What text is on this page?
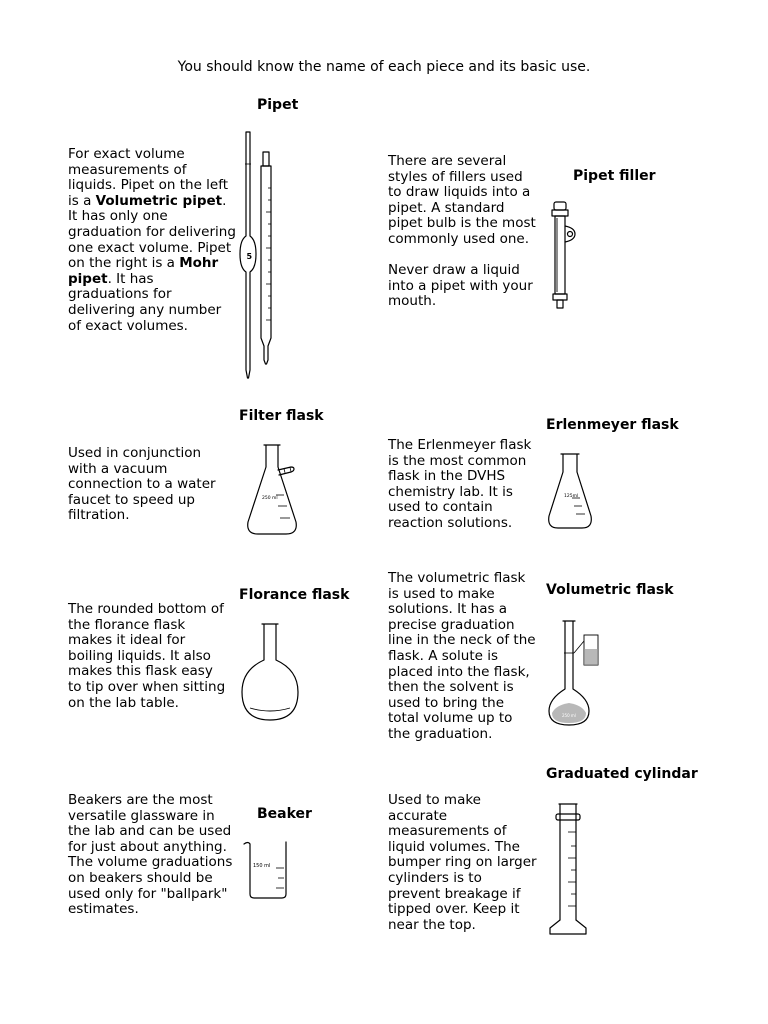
You should know the name of each piece and its basic use.
Pipet
For exact volume measurements of liquids. Pipet on the left is a Volumetric pipet. It has only one graduation for delivering one exact volume. Pipet on the right is a Mohr pipet. It has graduations for delivering any number of exact volumes.
5
Pipet filler

There are several styles of fillers used to draw liquids into a pipet. A standard pipet bulb is the most commonly used one.

Never draw a liquid into a pipet with your mouth.

Filter flask
Used in conjunction with a vacuum connection to a water faucet to speed up filtration.
250 ml
Erlenmeyer flask
The Erlenmeyer flask is the most common flask in the DVHS chemistry lab. It is used to contain reaction solutions.
125ml
Florance flask
The rounded bottom of the florance flask makes it ideal for boiling liquids. It also makes this flask easy to tip over when sitting on the lab table.
Volumetric flask
The volumetric flask is used to make solutions. It has a precise graduation line in the neck of the flask. A solute is placed into the flask, then the solvent is used to bring the total volume up to the graduation.
250 ml
Graduated cylindar
Used to make accurate measurements of liquid volumes. The bumper ring on larger cylinders is to prevent breakage if tipped over. Keep it near the top.
Beaker
Beakers are the most versatile glassware in the lab and can be used for just about anything. The volume graduations on beakers should be used only for "ballpark" estimates.
150 ml
